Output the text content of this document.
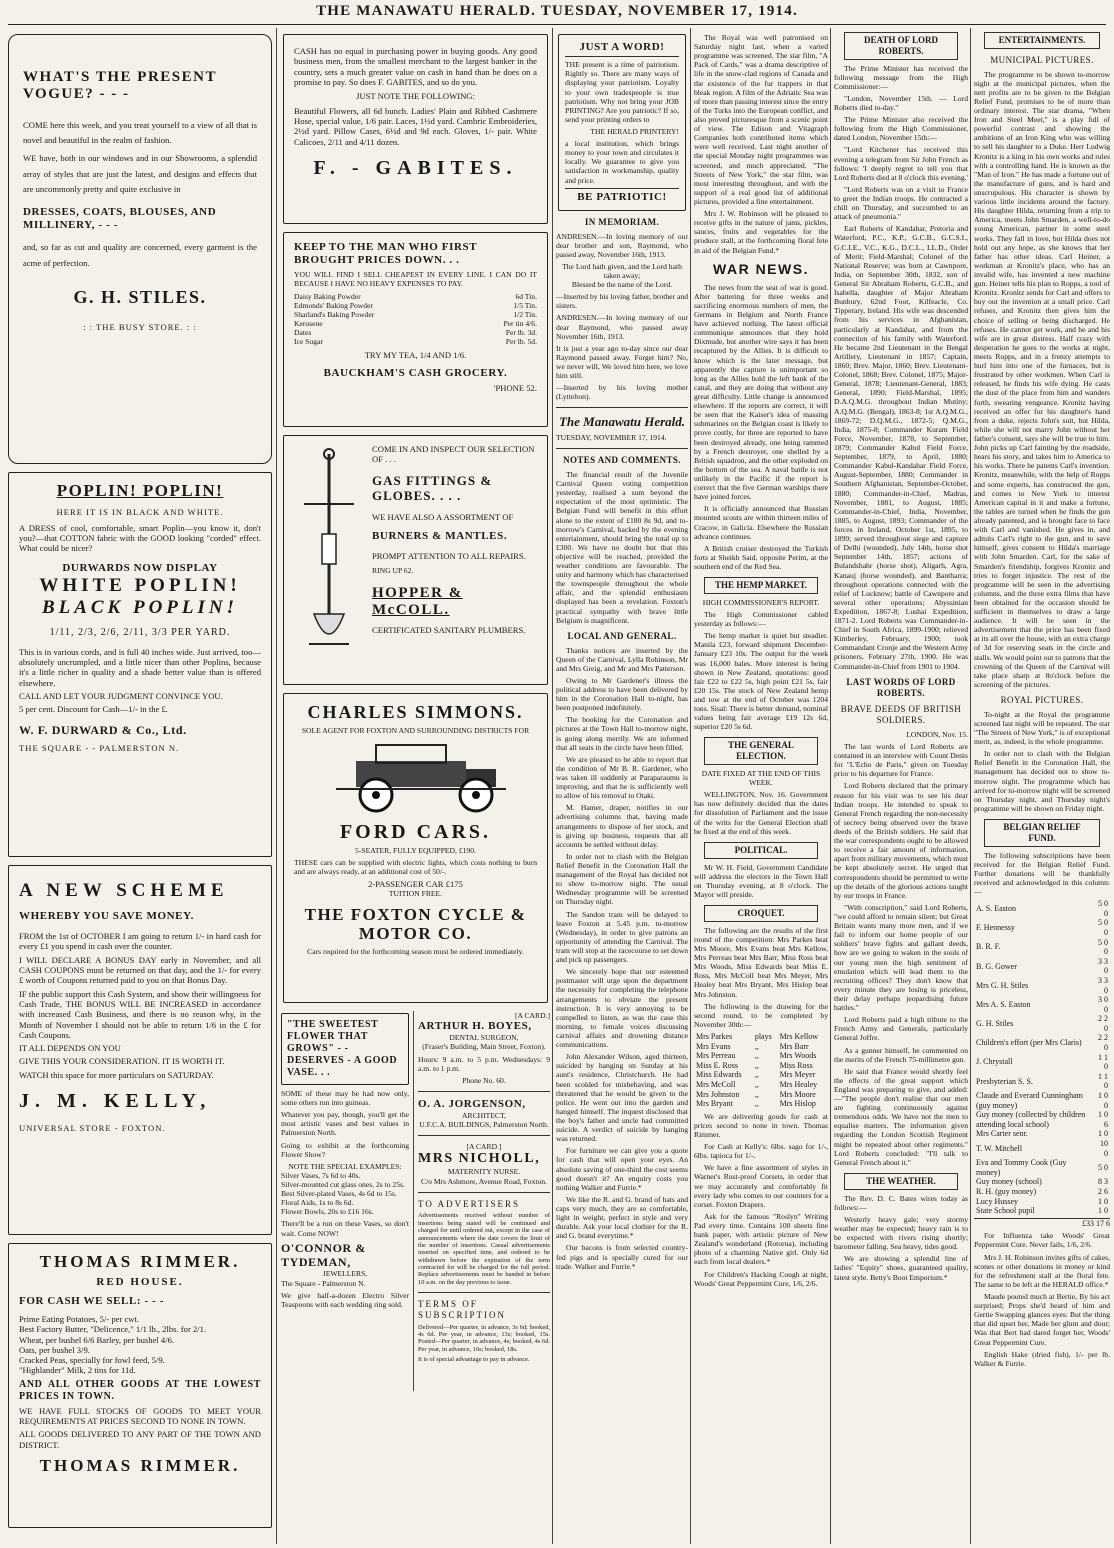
THE MANAWATU HERALD. TUESDAY, NOVEMBER 17, 1914.
WHAT'S THE PRESENT VOGUE? - - -

COME here this week, and you treat yourself to a view of all that is novel and beautiful in the realm of fashion.

WE have, both in our windows and in our Showrooms, a splendid array of styles that are just the latest, and designs and effects that are uncommonly pretty and quite exclusive in

DRESSES, COATS, BLOUSES, AND MILLINERY, - - -

and, so far as cut and quality are concerned, every garment is the acme of perfection.

G. H. STILES.
: : THE BUSY STORE. : :
POPLIN! POPLIN!
HERE IT IS IN BLACK AND WHITE.

A DRESS of cool, comfortable, smart Poplin—you know it, don't you?—that COTTON fabric with the GOOD looking "corded" effect. What could be nicer?

DURWARDS NOW DISPLAY
WHITE POPLIN!
BLACK POPLIN!
1/11, 2/3, 2/6, 2/11, 3/3 PER YARD.

This is in various cords, and is full 40 inches wide. Just arrived, too—absolutely uncrumpled, and a little nicer than other Poplins, because it's a little richer in quality and a shade better value than is offered elsewhere.

CALL AND LET YOUR JUDGMENT CONVINCE YOU.

5 per cent. Discount for Cash—1/- in the £.

W. F. DURWARD & Co., Ltd.
THE SQUARE - - PALMERSTON N.
A NEW SCHEME
WHEREBY YOU SAVE MONEY.

FROM the 1st of OCTOBER I am going to return 1/- in hard cash for every £1 you spend in cash over the counter.

I WILL DECLARE A BONUS DAY early in November, and all CASH COUPONS must be returned on that day, and the 1/- for every £ worth of Coupons returned paid to you on that Bonus Day.

IF the public support this Cash System, and show their willingness for Cash Trade, THE BONUS WILL BE INCREASED in accordance with increased Cash Business, and there is no reason why, in the Month of November I should not be able to return 1/6 in the £ for Cash Coupons.

IT ALL DEPENDS ON YOU

GIVE THIS YOUR CONSIDERATION. IT IS WORTH IT.

WATCH this space for more particulars on SATURDAY.

J. M. KELLY,
UNIVERSAL STORE - FOXTON.
THOMAS RIMMER.
RED HOUSE.
FOR CASH WE SELL: - - -
Prime Eating Potatoes, 5/- per cwt.
Best Factory Butter, "Delicence," 1/1 lb., 2lbs. for 2/1.
Wheat, per bushel 6/6 Barley, per bushel 4/6.
Oats, per bushel 3/9.
Cracked Peas, specially for fowl feed, 5/9.
"Highlander" Milk, 2 tins for 11d.

AND ALL OTHER GOODS AT THE LOWEST PRICES IN TOWN.

WE HAVE FULL STOCKS OF GOODS TO MEET YOUR REQUIREMENTS AT PRICES SECOND TO NONE IN TOWN.

ALL GOODS DELIVERED TO ANY PART OF THE TOWN AND DISTRICT.

THOMAS RIMMER.

CASH has no equal in purchasing power in buying goods. Any good business men, from the smallest merchant to the largest banker in the country, sets a much greater value on cash in hand than he does on a promise to pay. So does F. GABITES, and so do you.

JUST NOTE THE FOLLOWING:

Beautiful Flowers, all 6d bunch. Ladies' Plain and Ribbed Cashmere Hose, special value, 1/6 pair. Laces, 1½d yard. Cambric Embroideries, 2½d yard. Pillow Cases, 6½d and 9d each. Gloves, 1/- pair. White Calicoes, 2/11 and 4/11 dozen.

F. - GABITES.
KEEP TO THE MAN WHO FIRST BROUGHT PRICES DOWN. . .

YOU WILL FIND I SELL CHEAPEST IN EVERY LINE. I CAN DO IT BECAUSE I HAVE NO HEAVY EXPENSES TO PAY.

Daisy Baking Powder	6d Tin.
Edmonds' Baking Powder	1/5 Tin.
Sharland's Baking Powder	1/2 Tin.
Kerosene	Per tin 4/6.
Dates	Per lb. 3d.
Ice Sugar	Per lb. 5d.
TRY MY TEA, 1/4 AND 1/6.
BAUCKHAM'S CASH GROCERY.
'PHONE 52.
COME IN AND INSPECT OUR SELECTION OF . . .
GAS FITTINGS & GLOBES. . . .
WE HAVE ALSO A ASSORTMENT OF
BURNERS & MANTLES.
PROMPT ATTENTION TO ALL REPAIRS.
RING UP 62.
HOPPER & McCOLL.
CERTIFICATED SANITARY PLUMBERS.
CHARLES SIMMONS.
SOLE AGENT FOR FOXTON AND SURROUNDING DISTRICTS FOR
FORD CARS.
5-SEATER, FULLY EQUIPPED, £190.

THESE cars can be supplied with electric lights, which costs nothing to burn and are always ready, at an additional cost of 50/-.

2-PASSENGER CAR £175
TUITION FREE.
THE FOXTON CYCLE & MOTOR CO.
Cars required for the forthcoming season must be ordered immediately.
"THE SWEETEST FLOWER THAT GROWS" - - DESERVES - A GOOD VASE. . .

SOME of these may be had now only, some others run into guineas.

Whatever you pay, though, you'll get the most artistic vases and best values in Palmerston North.

Going to exhibit at the forthcoming Flower Show?

NOTE THE SPECIAL EXAMPLES:
Silver Vases, 7s 6d to 40s.
Silver-mounted cut glass ones, 2s to 25s.
Best Silver-plated Vases, 4s 6d to 15s.
Floral Aids, 1s to 8s 6d.
Flower Bowls, 20s to £16 16s.

There'll be a run on these Vases, so don't wait. Come NOW!

O'CONNOR & TYDEMAN,
JEWELLERS,
The Square - Palmerston N.

We give half-a-dozen Electro Silver Teaspoons with each wedding ring sold.

[A CARD.]
ARTHUR H. BOYES,
DENTAL SURGEON,
(Fraser's Building, Main Street, Foxton).

Hours: 9 a.m. to 5 p.m. Wednesdays: 9 a.m. to 1 p.m.

Phone No. 60.
O. A. JORGENSON,
ARCHITECT,
U.F.C.A. BUILDINGS, Palmerston North.
[A CARD.]
MRS NICHOLL,
MATERNITY NURSE.
C/o Mrs Ashmore, Avenue Road, Foxton.
TO ADVERTISERS

Advertisements received without number of insertions being stated will be continued and charged for until ordered out, except in the case of announcements where the date covers the limit of the number of insertions. Casual advertisements inserted on specified time, and ordered to be withdrawn before the expiration of the term contracted for will be charged for the full period. Replace advertisements must be handed in before 10 a.m. on the day previous to issue.

TERMS OF SUBSCRIPTION

Delivered—Per quarter, in advance, 3s 6d; booked, 4s 6d. Per year, in advance, 13s; booked, 15s. Posted—Per quarter, in advance, 4s; booked, 4s 6d. Per year, in advance, 16s; booked, 18s.

It is of special advantage to pay in advance.

JUST A WORD!

THE present is a time of patriotism. Rightly so. There are many ways of displaying your patriotism. Loyalty to your own tradespeople is true patriotism. Why not bring your JOB PRINTING? Are you patriotic? If so, send your printing orders to

THE HERALD PRINTERY!

a local institution, which brings money to your town and circulates it locally. We guarantee to give you satisfaction in workmanship, quality and price.

BE PATRIOTIC!
IN MEMORIAM.

ANDRESEN.—In loving memory of our dear brother and son, Raymond, who passed away, November 16th, 1913.

The Lord hath given, and the Lord hath taken away;
Blessed be the name of the Lord.

—Inserted by his loving father, brother and sisters.

ANDRESEN.—In loving memory of our dear Raymond, who passed away November 16th, 1913.

It is just a year ago to-day since our dear Raymond passed away. Forget him? No, we never will, We loved him here, we love him still.

—Inserted by his loving mother (Lyttelton).

The Manawatu Herald.
TUESDAY, NOVEMBER 17, 1914.
NOTES AND COMMENTS.

The financial result of the Juvenile Carnival Queen voting competition yesterday, realised a sum beyond the expectation of the most optimistic. The Belgian Fund will benefit in this effort alone to the extent of £180 8s 9d, and to-morrow's Carnival, backed by the evening entertainment, should bring the total up to £300. We have no doubt but that this objective will be reached, provided the weather conditions are favourable. The unity and harmony which has characterised the townspeople throughout the whole affair, and the splendid enthusiasm displayed has been a revelation. Foxton's practical sympathy with brave little Belgium is magnificent.

LOCAL AND GENERAL.

Thanks notices are inserted by the Queen of the Carnival, Lylla Robinson, Mr and Mrs Greig, and Mr and Mrs Patterson.

Owing to Mr Gardener's illness the political address to have been delivered by him in the Coronation Hall to-night, has been postponed indefinitely.

The booking for the Coronation and pictures at the Town Hall to-morrow night, is going along merrily. We are informed that all seats in the circle have been filled.

We are pleased to be able to report that the condition of Mr B. R. Gardener, who was taken ill suddenly at Paraparaumu is improving, and that he is sufficiently well to allow of his removal to Otaki.

M. Hamer, draper, notifies in our advertising columns that, having made arrangements to dispose of her stock, and is giving up business, requests that all accounts be settled without delay.

In order not to clash with the Belgian Relief Benefit in the Coronation Hall the management of the Royal has decided not to show to-morrow night. The usual Wednesday programme will be screened on Thursday night.

The Sandon tram will be delayed to leave Foxton at 5.45 p.m. to-morrow (Wednesday), in order to give patrons an opportunity of attending the Carnival. The tram will stop at the racecourse to set down and pick up passengers.

We sincerely hope that our esteemed postmaster will urge upon the department the necessity for completing the telephone arrangements to obviate the present instruction. It is very annoying to be compelled to listen, as was the case this morning, to female voices discussing carnival affairs and drowning distance communications.

John Alexander Wilson, aged thirteen, suicided by hanging on Sunday at his aunt's residence, Christchurch. He had been scolded for misbehaving, and was threatened that he would be given to the police. He went out into the garden and hanged himself. The inquest disclosed that the boy's father and uncle had committed suicide. A verdict of suicide by hanging was returned.

For furniture we can give you a quote for cash that will open your eyes. An absolute saving of one-third the cost seems good doesn't it? An enquiry costs you nothing Walker and Furrie.*

We like the R. and G. brand of hats and caps very much, they are so comfortable, light in weight, perfect in style and very durable. Ask your local clothier for the R. and G. brand everytime.*

Our bacons is from selected country-fed pigs and is specially cured for our trade. Walker and Furrie.*

The Royal was well patronised on Saturday night last, when a varied programme was screened. The star film, "A Pack of Cards," was a drama descriptive of life in the snow-clad regions of Canada and the existence of the fur trappers in that bleak region. A film of the Adriatic Sea was of more than passing interest since the entry of the Turks into the European conflict, and also proved picturesque from a scenic point of view. The Edison and Vitagraph Companies both contributed items which were well received. Last night another of the special Monday night programmes was screened, and much appreciated. "The Streets of New York," the star film, was most interesting throughout, and with the support of a real good list of additional pictures, provided a fine entertainment.

Mrs J. W. Robinson will be pleased to receive gifts in the nature of jams, pickles, sauces, fruits and vegetables for the produce stall, at the forthcoming floral fete in aid of the Belgian Fund.*

WAR NEWS.

The news from the seat of war is good. After battering for three weeks and sacrificing enormous numbers of men, the Germans in Belgium and North France have achieved nothing. The latest official communique announces that they hold Dixmude, but another wire says it has been recaptured by the Allies. It is difficult to know which is the later message, but apparently the capture is unimportant so long as the Allies hold the left bank of the canal, and they are doing that without any great difficulty. Little change is announced elsewhere. If the reports are correct, it will be seen that the Kaiser's idea of massing submarines on the Belgian coast is likely to prove costly, for three are reported to have been destroyed already, one being rammed by a French destroyer, one shelled by a British squadron, and the other exploded on the bottom of the sea. A naval battle is not unlikely in the Pacific if the report is correct that the five German warships there have joined forces.

It is officially announced that Russian mounted scouts are within thirteen miles of Cracow, in Galicia. Elsewhere the Russian advance continues.

A British cruiser destroyed the Turkish forts at Sheikh Said, opposite Perim, at the southern end of the Red Sea.

THE HEMP MARKET.
HIGH COMMISSIONER'S REPORT.

The High Commissioner cabled yesterday as follows:—

The hemp market is quiet but steadier. Manila £23, forward shipment December-January £23 10s. The output for the week was 16,000 bales. More interest is being shown in New Zealand, quotations: good fair £22 to £22 5s, high point £21 5s, fair £20 15s. The stock of New Zealand hemp and tow at the end of October was 1204 tons. Sisal: There is better demand, nominal values being fair average £19 12s 6d, superior £20 5s 6d.

THE GENERAL ELECTION.
DATE FIXED AT THE END OF THIS WEEK.

WELLINGTON, Nov. 16. Government has now definitely decided that the dates for dissolution of Parliament and the issue of the writs for the General Election shall be fixed at the end of this week.

POLITICAL.

Mr W. H. Field, Government Candidate will address the electors in the Town Hall on Thursday evening, at 8 o'clock. The Mayor will preside.

CROQUET.

The following are the results of the first round of the competition: Mrs Parkes beat Mrs Moore, Mrs Evans beat Mrs Kellow, Mrs Perreau beat Mrs Barr, Miss Ross beat Mrs Woods, Miss Edwards beat Miss E. Ross, Mrs McColl beat Mrs Meyer, Mrs Healey beat Mrs Bryant, Mrs Hislop beat Mrs Johnston.

The following is the drawing for the second round, to be completed by November 30th:—

Mrs Parkes	plays	Mrs Kellow
Mrs Evans	,,	Mrs Barr
Mrs Perreau	,,	Mrs Woods
Miss E. Ross	,,	Miss Ross
Miss Edwards	,,	Mrs Meyer
Mrs McColl	,,	Mrs Healey
Mrs Johnston	,,	Mrs Moore
Mrs Bryant	,,	Mrs Hislop

We are delivering goods for cash at prices second to none in town. Thomas Rimmer.

For Cash at Kelly's: 6lbs. sago for 1/-, 6lbs. tapioca for 1/-.

We have a fine assortment of styles in Warner's Rust-proof Corsets, in order that we may accurately and comfortably fit every lady who comes to our counters for a corset. Foxton Drapers.

Ask for the famous "Roslyn" Writing Pad every time. Contains 100 sheets fine bank paper, with artistic picture of New Zealand's wonderland (Rotorua), including photo of a charming Native girl. Only 6d each from local dealers.*

For Children's Hacking Cough at night, Woods' Great Peppermint Cure, 1/6, 2/6.

DEATH OF LORD ROBERTS.

The Prime Minister has received the following message from the High Commissioner:—

"London, November 15th. — Lord Roberts died to-day."

The Prime Minister also received the following from the High Commissioner, dated London, November 15th:—

"Lord Kitchener has received this evening a telegram from Sir John French as follows: 'I deeply regret to tell you that Lord Roberts died at 8 o'clock this evening.'

"Lord Roberts was on a visit to France to greet the Indian troops. He contracted a chill on Thursday, and succumbed to an attack of pneumonia."

Earl Roberts of Kandahar, Pretoria and Waterford, P.C., K.P., G.C.B., G.C.S.I., G.C.I.E., V.C., K.G., D.C.L., LL.D., Order of Merit; Field-Marshal; Colonel of the National Reserve; was born at Cawnpore, India, on September 30th, 1832, son of General Sir Abraham Roberts, G.C.B., and Isabella, daughter of Major Abraham Bunbury, 62nd Foot, Kilfeacle, Co. Tipperary, Ireland. His wife was descended from his services in Afghanistan, particularly at Kandahar, and from the connection of his family with Waterford. He became 2nd Lieutenant in the Bengal Artillery, Lieutenant in 1857; Captain, 1860; Brev. Major, 1860; Brev. Lieutenant-Colonel, 1868; Brev. Colonel, 1875; Major-General, 1878; Lieutenant-General, 1883; General, 1890; Field-Marshal, 1895; D.A.Q.M.G. throughout Indian Mutiny; A.Q.M.G. (Bengal), 1863-8; 1st A.Q.M.G., 1869-72; D.Q.M.G., 1872-5; Q.M.G., India, 1875-8; Commander Kuram Field Force, November, 1878, to September, 1879; Commander Kabul Field Force, September, 1879, to April, 1880; Commander Kabul-Kandahar Field Force, August-September, 1880; Commander in Southern Afghanistan, September-October, 1880; Commander-in-Chief, Madras, November, 1881, to August, 1885; Commander-in-Chief, India, November, 1885, to August, 1893; Commander of the forces in Ireland, October 1st, 1895, to 1899; served throughout siege and capture of Delhi (wounded), July 14th, horse shot September 14th, 1857; actions of Bulandshahr (horse shot), Aligarh, Agra, Kanauj (horse wounded), and Bantharra; throughout operations connected with the relief of Lucknow; battle of Cawnpore and several other operations; Abyssinian Expedition, 1867-8; Lushai Expedition, 1871-2. Lord Roberts was Commander-in-Chief in South Africa, 1899-1900; relieved Kimberley, February, 1900; took Commandant Cronje and the Western Army prisoners, February 27th, 1900. He was Commander-in-Chief from 1901 to 1904.

LAST WORDS OF LORD ROBERTS.
BRAVE DEEDS OF BRITISH SOLDIERS.
LONDON, Nov. 15.

The last words of Lord Roberts are contained in an interview with Count Denis for "L'Echo de Paris," given on Tuesday prior to his departure for France.

Lord Roberts declared that the primary reason for his visit was to see his dear Indian troops. He intended to speak to General French regarding the non-necessity of secrecy being observed over the brave deeds of the British soldiers. He said that the war correspondents ought to be allowed to receive a fair amount of information, apart from military movements, which must be kept absolutely secret. He urged that correspondents should be permitted to write up the details of the glorious actions taught by our troops in France.

"With conscription," said Lord Roberts, "we could afford to remain silent; but Great Britain wants many more men, and if we fail to inform our home people of our soldiers' brave fights and gallant deeds, how are we going to waken in the souls of our young men the high sentiment of emulation which will lead them to the recruiting offices? They don't know that every minute they are losing is priceless, their delay perhaps jeopardising future battles."

Lord Roberts paid a high tribute to the French Army and Generals, particularly General Joffre.

As a gunner himself, he commented on the merits of the French 75-millimetre gun.

He said that France would shortly feel the effects of the great support which England was preparing to give, and added:—"The people don't realise that our men are fighting continuously against tremendous odds. We have not the men to equalise matters. The information given regarding the London Scottish Regiment might be repeated about other regiments." Lord Roberts concluded: "I'll talk to General French about it."

THE WEATHER.

The Rev. D. C. Bates wires today as follows:—

Westerly heavy gale; very stormy weather may be expected; heavy rain is to be expected with rivers rising shortly; barometer falling. Sea heavy, tides good.

We are showing a splendid line of ladies' "Equity" shoes, guaranteed quality, latest style. Betty's Boot Emporium.*

ENTERTAINMENTS.
MUNICIPAL PICTURES.

The programme to be shown to-morrow night at the municipal pictures, when the nett profits are to be given to the Belgian Relief Fund, promises to be of more than ordinary interest. The star drama, "When Iron and Steel Meet," is a play full of powerful contrast and showing the ambitions of an Iron King who was willing to sell his daughter to a Duke. Herr Ludwig Kronitz is a king in his own works and rules with a controlling hand. He is known as the "Man of Iron." He has made a fortune out of the manufacture of guns, and is hard and unscrupulous. His character is shown by various little incidents around the factory. His daughter Hilda, returning from a trip to America, meets John Smarden, a well-to-do young American, partner in some steel works. They fall in love, but Hilda does not hold out any hope, as she knows that her father has other ideas. Carl Heiner, a workman at Kronitz's place, who has an invalid wife, has invented a new machine gun. Heiner tells his plan to Ropps, a tool of Kronitz. Kronitz sends for Carl and offers to buy out the invention at a small price. Carl refuses, and Kronitz then gives him the choice of selling or being discharged. He refuses. He cannot get work, and he and his wife are in great distress. Half crazy with desperation he goes to the works at night, meets Ropps, and in a frenzy attempts to hurl him into one of the furnaces, but is frustrated by other workmen. When Carl is released, he finds his wife dying. He casts the dust of the place from him and wanders forth, swearing vengeance. Kronitz having received an offer for his daughter's hand from a duke, rejects John's suit, but Hilda, while she will not marry John without her father's consent, says she will be true to him. John picks up Carl fainting by the roadside, hears his story, and takes him to America to his works. There he patents Carl's invention. Kronitz, meanwhile, with the help of Ropps and some experts, has constructed the gun, and comes to New York to interest American capital in it and make a fortune, the tables are turned when he finds the gun already patented, and is brought face to face with Carl and vanished. He gives in, and admits Carl's right to the gun, and to save himself, gives consent to Hilda's marriage with John Smarden. Carl, for the sake of Smarden's friendship, forgives Kronitz and tries to forget injustice. The rest of the programme will be seen in the advertising columns, and the three extra films that have been obtained for the occasion should be sufficient in themselves to draw a large audience. It will be seen in the advertisement that the price has been fixed at its all over the house, with an extra charge of 3d for reserving seats in the circle and stalls. We would point out to patrons that the crowning of the Queen of the Carnival will take place sharp at 8o'clock before the screening of the pictures.

ROYAL PICTURES.

To-night at the Royal the programme screened last night will be repeated. The star "The Streets of New York," is of exceptional merit, as, indeed, is the whole programme.

In order not to clash with the Belgian Relief Benefit in the Coronation Hall, the management has decided not to show to-morrow night. The programme which has arrived for to-morrow night will be screened on Thursday night, and Thursday night's programme will be shown on Friday night.

BELGIAN RELIEF FUND.

The following subscriptions have been received for the Belgian Relief Fund. Further donations will be thankfully received and acknowledged in this column:—

A. S. Easton	5 0 0
F. Hennessy	5 0 0
B. R. F.	5 0 0
B. G. Gower	3 3 0
Mrs G. H. Stiles	3 3 0
Mrs A. S. Easton	3 0 0
G. H. Stiles	2 2 0
Children's effort (per Mrs Claris)	2 2 0
J. Chrystall	1 1 0
Presbyterian S. S.	1 1 0
Claude and Everard Cunningham (guy money)	1 0 0
Guy money (collected by children attending local school)	1 0 6
Mrs Carter senr.	1 0
T. W. Mitchell	10 0
Eva and Tommy Cook (Guy money)	5 0
Guy money (school)	8 3
R. H. (guy money)	2 6
Lucy Hussey	1 0
State School pupil	1 0
£33 17 6

For Influenza take Woods' Great Peppermint Cure. Never fails, 1/6, 2/6.

Mrs J. H. Robinson invites gifts of cakes, scones or other donations in money or kind for the refreshment stall at the floral fete. The same to be left at the HERALD office.*

Maude pouted much at Bertie, By his act surprised; Props she'd heard of him and Gertie Swapping glances eyes: But the thing that did upset her, Made her glum and dour; Was that Bert had dared forget her, Woods' Great Peppermint Cure.

English Hake (dried fish), 1/- per lb. Walker & Furrie.
